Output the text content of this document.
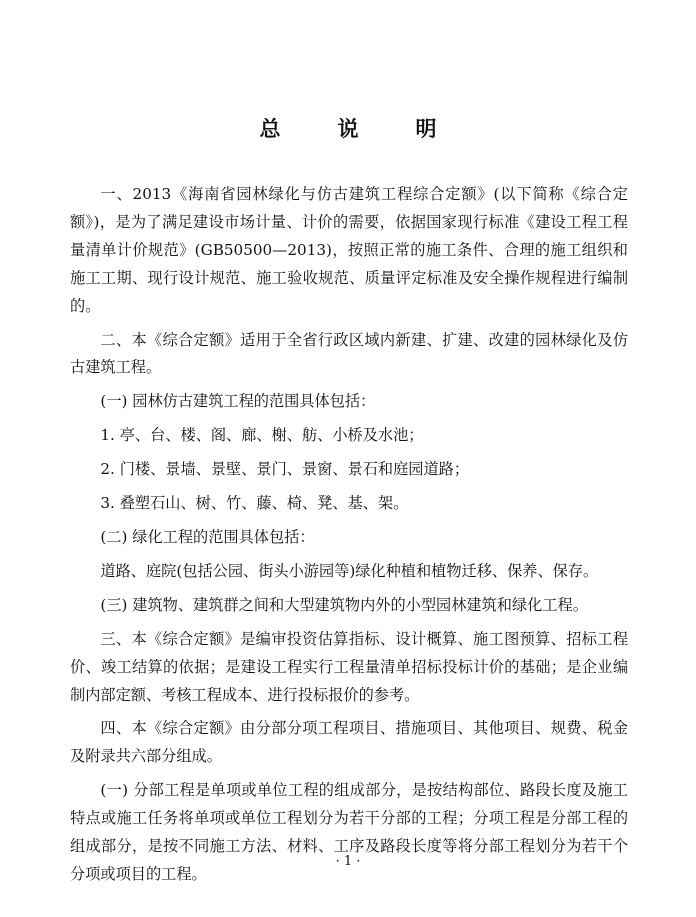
总　说　明

一、2013《海南省园林绿化与仿古建筑工程综合定额》(以下简称《综合定额》)，是为了满足建设市场计量、计价的需要，依据国家现行标准《建设工程工程量清单计价规范》(GB50500—2013)，按照正常的施工条件、合理的施工组织和施工工期、现行设计规范、施工验收规范、质量评定标准及安全操作规程进行编制的。

二、本《综合定额》适用于全省行政区域内新建、扩建、改建的园林绿化及仿古建筑工程。

(一) 园林仿古建筑工程的范围具体包括：

1. 亭、台、楼、阁、廊、榭、舫、小桥及水池；

2. 门楼、景墙、景壁、景门、景窗、景石和庭园道路；

3. 叠塑石山、树、竹、藤、椅、凳、基、架。

(二) 绿化工程的范围具体包括：

道路、庭院(包括公园、街头小游园等)绿化种植和植物迁移、保养、保存。

(三) 建筑物、建筑群之间和大型建筑物内外的小型园林建筑和绿化工程。

三、本《综合定额》是编审投资估算指标、设计概算、施工图预算、招标工程价、竣工结算的依据；是建设工程实行工程量清单招标投标计价的基础；是企业编制内部定额、考核工程成本、进行投标报价的参考。

四、本《综合定额》由分部分项工程项目、措施项目、其他项目、规费、税金及附录共六部分组成。

(一) 分部工程是单项或单位工程的组成部分，是按结构部位、路段长度及施工特点或施工任务将单项或单位工程划分为若干分部的工程；分项工程是分部工程的组成部分，是按不同施工方法、材料、工序及路段长度等将分部工程划分为若干个分项或项目的工程。

· 1 ·
